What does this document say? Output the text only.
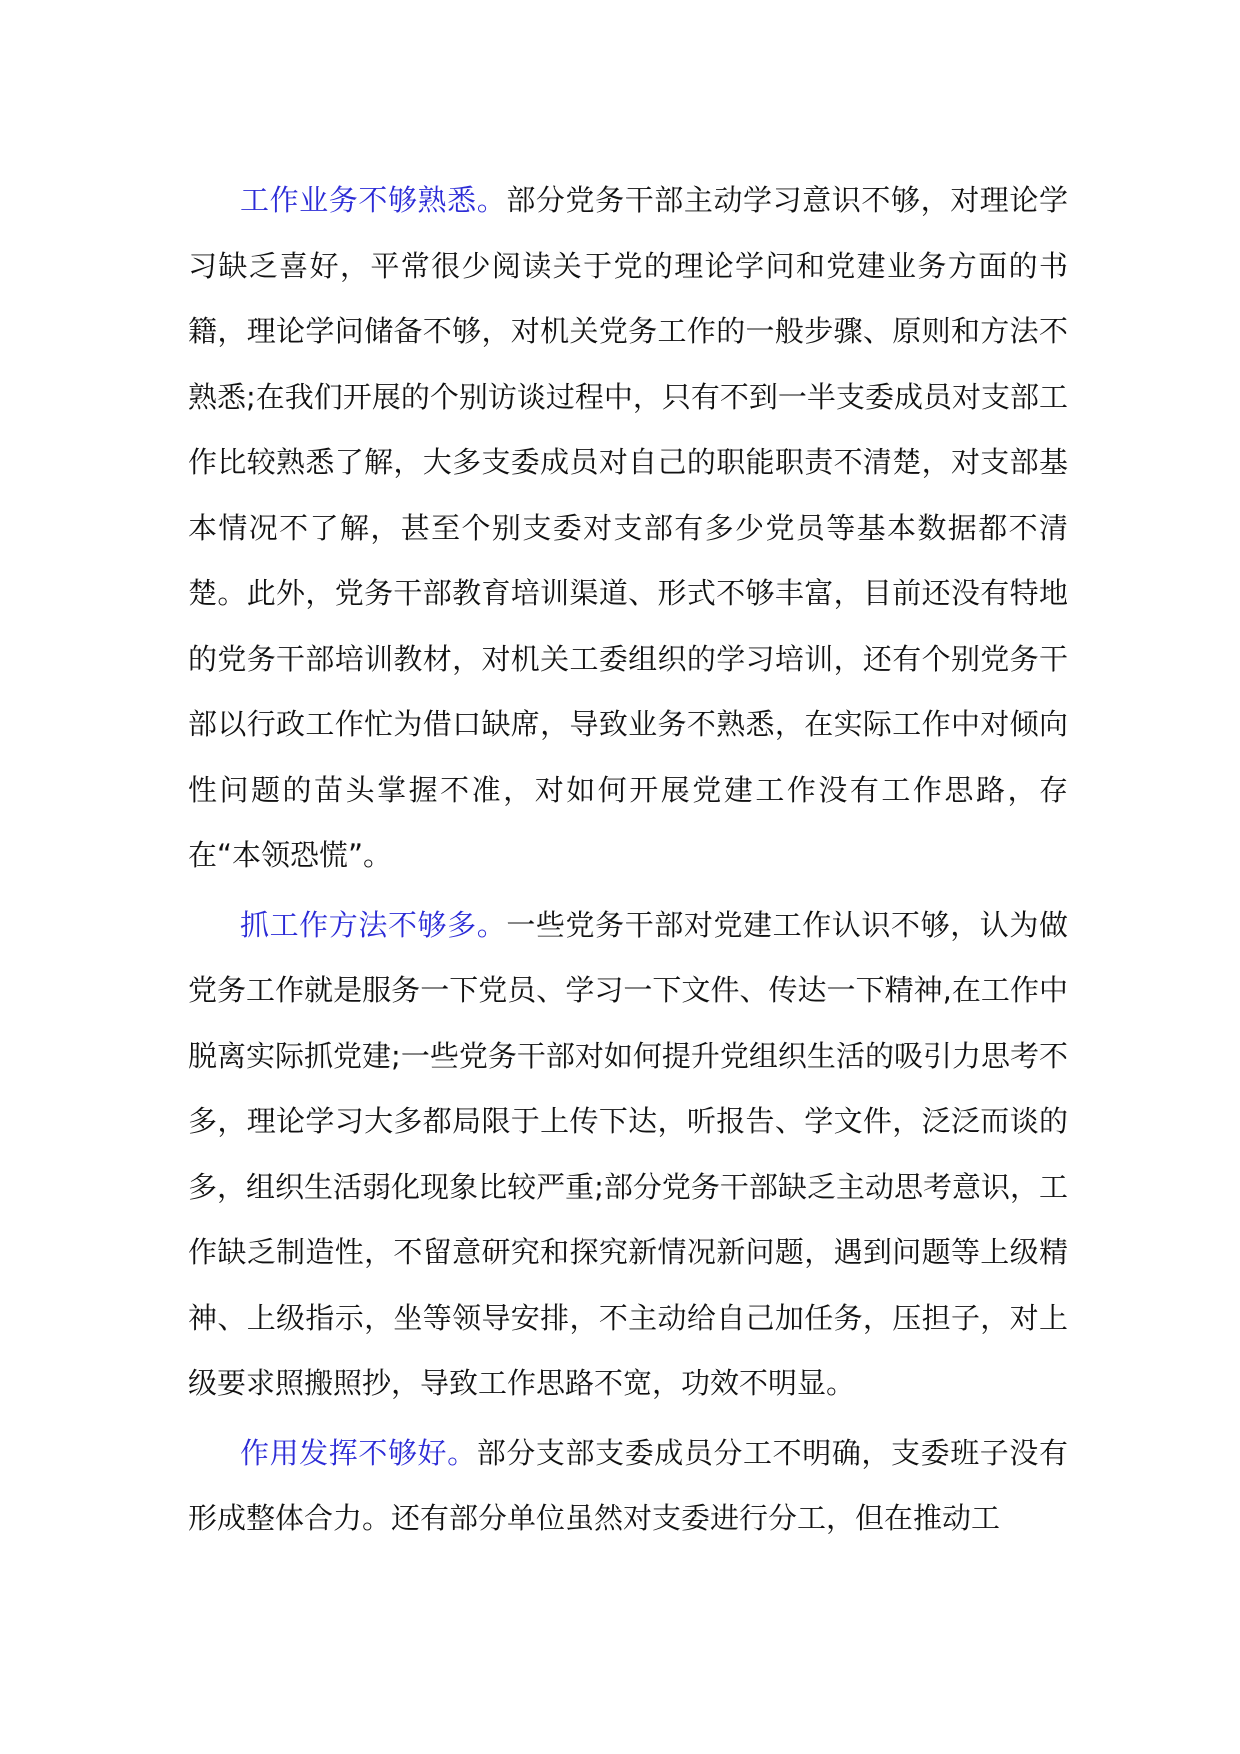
工作业务不够熟悉。部分党务干部主动学习意识不够，对理论学习缺乏喜好，平常很少阅读关于党的理论学问和党建业务方面的书籍，理论学问储备不够，对机关党务工作的一般步骤、原则和方法不熟悉;在我们开展的个别访谈过程中，只有不到一半支委成员对支部工作比较熟悉了解，大多支委成员对自己的职能职责不清楚，对支部基本情况不了解，甚至个别支委对支部有多少党员等基本数据都不清楚。此外，党务干部教育培训渠道、形式不够丰富，目前还没有特地的党务干部培训教材，对机关工委组织的学习培训，还有个别党务干部以行政工作忙为借口缺席，导致业务不熟悉，在实际工作中对倾向性问题的苗头掌握不准，对如何开展党建工作没有工作思路，存在“本领恐慌”。

抓工作方法不够多。一些党务干部对党建工作认识不够，认为做党务工作就是服务一下党员、学习一下文件、传达一下精神,在工作中脱离实际抓党建;一些党务干部对如何提升党组织生活的吸引力思考不多，理论学习大多都局限于上传下达，听报告、学文件，泛泛而谈的多，组织生活弱化现象比较严重;部分党务干部缺乏主动思考意识，工作缺乏制造性，不留意研究和探究新情况新问题，遇到问题等上级精神、上级指示，坐等领导安排，不主动给自己加任务，压担子，对上级要求照搬照抄，导致工作思路不宽，功效不明显。

作用发挥不够好。部分支部支委成员分工不明确，支委班子没有形成整体合力。还有部分单位虽然对支委进行分工，但在推动工
